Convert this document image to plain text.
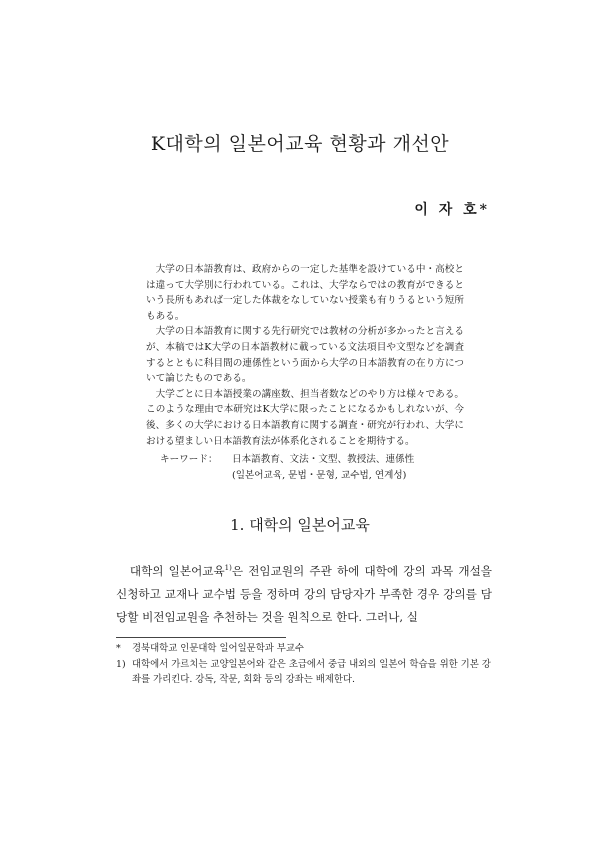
K대학의 일본어교육 현황과 개선안
이 자 호*

大学の日本語教育は、政府からの一定した基準を設けている中・高校とは違って大学別に行われている。これは、大学ならではの教育ができるという長所もあれば一定した体裁をなしていない授業も有りうるという短所もある。

大学の日本語教育に関する先行研究では教材の分析が多かったと言えるが、本稿ではK大学の日本語教材に載っている文法項目や文型などを調査するとともに科目間の連係性という面から大学の日本語教育の在り方について論じたものである。

大学ごとに日本語授業の講座数、担当者数などのやり方は様々である。このような理由で本研究はK大学に限ったことになるかもしれないが、今後、多くの大学における日本語教育に関する調査・研究が行われ、大学における望ましい日本語教育法が体系化されることを期待する。

キーワード：	日本語教育、文法・文型、教授法、連係性
(일본어교육, 문법・문형, 교수법, 연계성)
1. 대학의 일본어교육

대학의 일본어교육$^{1)}$은 전임교원의 주관 하에 대학에 강의 과목 개설을 신청하고 교재나 교수법 등을 정하며 강의 담당자가 부족한 경우 강의를 담당할 비전임교원을 추천하는 것을 원칙으로 한다. 그러나, 실

*	경북대학교 인문대학 일어일문학과 부교수
1) 대학에서 가르치는 교양일본어와 같은 초급에서 중급 내외의 일본어 학습을 위한 기본 강좌를 가리킨다. 강독, 작문, 회화 등의 강좌는 배제한다.
